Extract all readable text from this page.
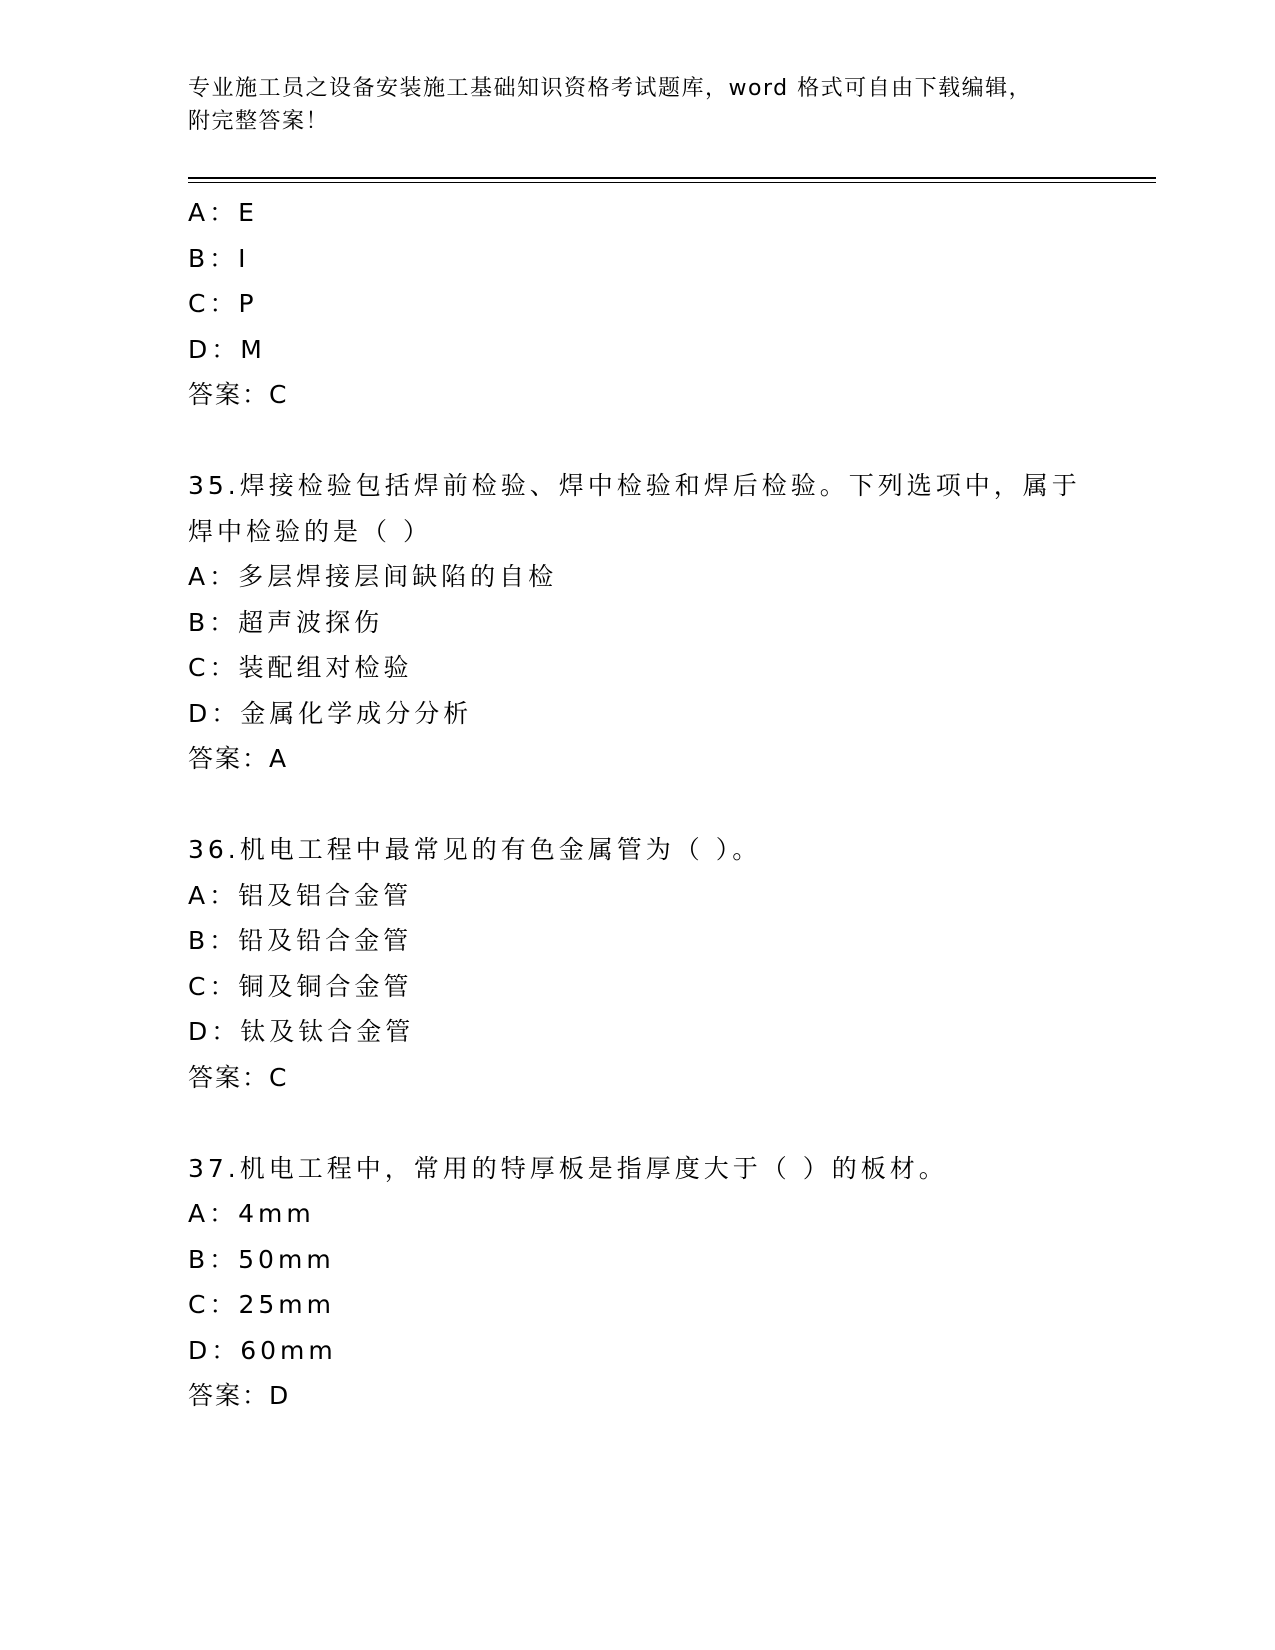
专业施工员之设备安装施工基础知识资格考试题库，word 格式可自由下载编辑，
附完整答案！
A：E
B：I
C：P
D：M
答案：C
35.焊接检验包括焊前检验、焊中检验和焊后检验。下列选项中，属于
焊中检验的是（ ）
A：多层焊接层间缺陷的自检
B：超声波探伤
C：装配组对检验
D：金属化学成分分析
答案：A
36.机电工程中最常见的有色金属管为（ ）。
A：铝及铝合金管
B：铅及铅合金管
C：铜及铜合金管
D：钛及钛合金管
答案：C
37.机电工程中，常用的特厚板是指厚度大于（ ）的板材。
A：4mm
B：50mm
C：25mm
D：60mm
答案：D
